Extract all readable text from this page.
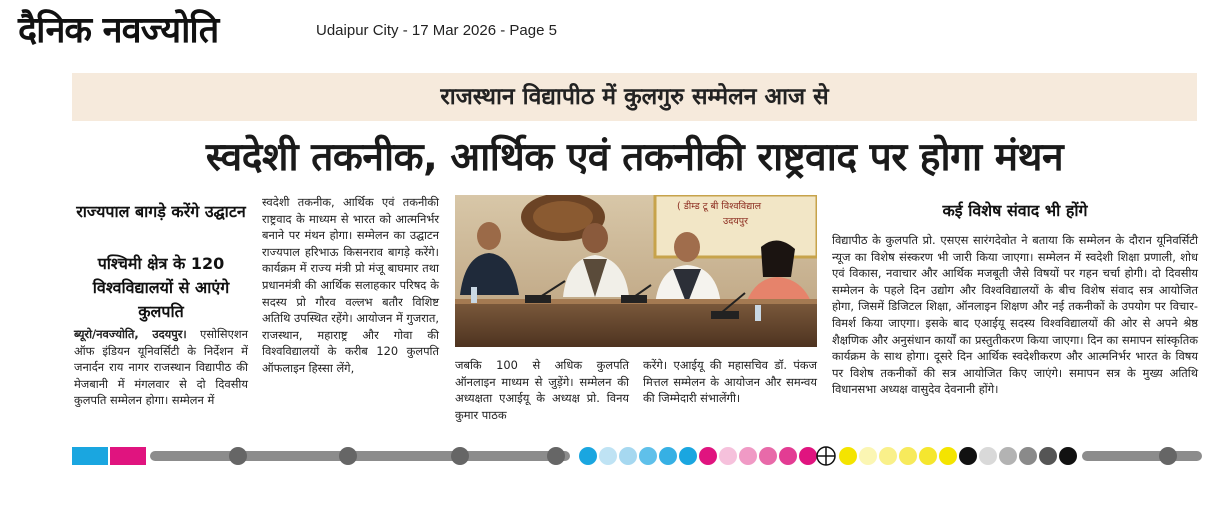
दैनिक नवज्योति	Udaipur City - 17 Mar 2026 - Page 5
राजस्थान विद्यापीठ में कुलगुरु सम्मेलन आज से
स्वदेशी तकनीक, आर्थिक एवं तकनीकी राष्ट्रवाद पर होगा मंथन
राज्यपाल बागड़े करेंगे उद्घाटन
पश्चिमी क्षेत्र के 120 विश्वविद्यालयों से आएंगे कुलपति
ब्यूरो/नवज्योति, उदयपुर। एसोसिएशन ऑफ इंडियन यूनिवर्सिटी के निर्देशन में जनार्दन राय नागर राजस्थान विद्यापीठ की मेजबानी में मंगलवार से दो दिवसीय कुलपति सम्मेलन होगा। सम्मेलन में
स्वदेशी तकनीक, आर्थिक एवं तकनीकी राष्ट्रवाद के माध्यम से भारत को आत्मनिर्भर बनाने पर मंथन होगा। सम्मेलन का उद्घाटन राज्यपाल हरिभाऊ किसनराव बागड़े करेंगे। कार्यक्रम में राज्य मंत्री प्रो मंजू बाघमार तथा प्रधानमंत्री की आर्थिक सलाहकार परिषद के सदस्य प्रो गौरव वल्लभ बतौर विशिष्ट अतिथि उपस्थित रहेंगे। आयोजन में गुजरात, राजस्थान, महाराष्ट्र और गोवा की विश्वविद्यालयों के करीब 120 कुलपति ऑफलाइन हिस्सा लेंगे,
( डीम्ड टू बी विश्वविद्याल
उदयपुर
जबकि 100 से अधिक कुलपति ऑनलाइन माध्यम से जुड़ेंगे। सम्मेलन की अध्यक्षता एआईयू के अध्यक्ष प्रो. विनय कुमार पाठक
करेंगे। एआईयू की महासचिव डॉ. पंकज मित्तल सम्मेलन के आयोजन और समन्वय की जिम्मेदारी संभालेंगी।
कई विशेष संवाद भी होंगे
विद्यापीठ के कुलपति प्रो. एसएस सारंगदेवोत ने बताया कि सम्मेलन के दौरान यूनिवर्सिटी न्यूज का विशेष संस्करण भी जारी किया जाएगा। सम्मेलन में स्वदेशी शिक्षा प्रणाली, शोध एवं विकास, नवाचार और आर्थिक मजबूती जैसे विषयों पर गहन चर्चा होगी। दो दिवसीय सम्मेलन के पहले दिन उद्योग और विश्वविद्यालयों के बीच विशेष संवाद सत्र आयोजित होगा, जिसमें डिजिटल शिक्षा, ऑनलाइन शिक्षण और नई तकनीकों के उपयोग पर विचार-विमर्श किया जाएगा। इसके बाद एआईयू सदस्य विश्वविद्यालयों की ओर से अपने श्रेष्ठ शैक्षणिक और अनुसंधान कार्यों का प्रस्तुतीकरण किया जाएगा। दिन का समापन सांस्कृतिक कार्यक्रम के साथ होगा। दूसरे दिन आर्थिक स्वदेशीकरण और आत्मनिर्भर भारत के विषय पर विशेष तकनीकों की सत्र आयोजित किए जाएंगे। समापन सत्र के मुख्य अतिथि विधानसभा अध्यक्ष वासुदेव देवनानी होंगे।
